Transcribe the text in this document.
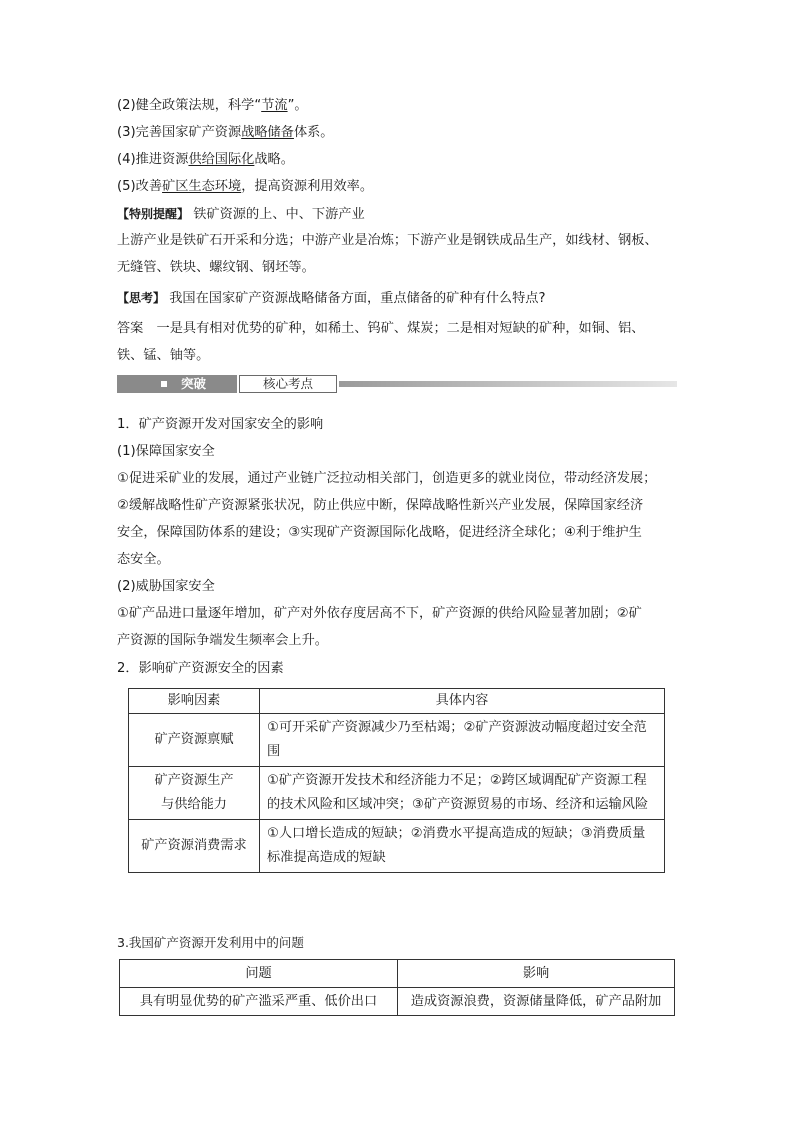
(2)健全政策法规，科学“节流”。
(3)完善国家矿产资源战略储备体系。
(4)推进资源供给国际化战略。
(5)改善矿区生态环境，提高资源利用效率。
【特别提醒】 铁矿资源的上、中、下游产业
上游产业是铁矿石开采和分选；中游产业是冶炼；下游产业是钢铁成品生产，如线材、钢板、
无缝管、铁块、螺纹钢、钢坯等。
【思考】 我国在国家矿产资源战略储备方面，重点储备的矿种有什么特点?
答案　一是具有相对优势的矿种，如稀土、钨矿、煤炭；二是相对短缺的矿种，如铜、铝、
铁、锰、铀等。
突破	核心考点
1．矿产资源开发对国家安全的影响
(1)保障国家安全
①促进采矿业的发展，通过产业链广泛拉动相关部门，创造更多的就业岗位，带动经济发展；
②缓解战略性矿产资源紧张状况，防止供应中断，保障战略性新兴产业发展，保障国家经济
安全，保障国防体系的建设；③实现矿产资源国际化战略，促进经济全球化；④利于维护生
态安全。
(2)威胁国家安全
①矿产品进口量逐年增加，矿产对外依存度居高不下，矿产资源的供给风险显著加剧；②矿
产资源的国际争端发生频率会上升。
2．影响矿产资源安全的因素
影响因素	具体内容
矿产资源禀赋	①可开采矿产资源减少乃至枯竭；②矿产资源波动幅度超过安全范围

矿产资源生产与供给能力	①矿产资源开发技术和经济能力不足；②跨区域调配矿产资源工程的技术风险和区域冲突；③矿产资源贸易的市场、经济和运输风险
矿产资源消费需求	①人口增长造成的短缺；②消费水平提高造成的短缺；③消费质量标准提高造成的短缺
3.我国矿产资源开发利用中的问题
问题	影响
具有明显优势的矿产滥采严重、低价出口	造成资源浪费，资源储量降低，矿产品附加
